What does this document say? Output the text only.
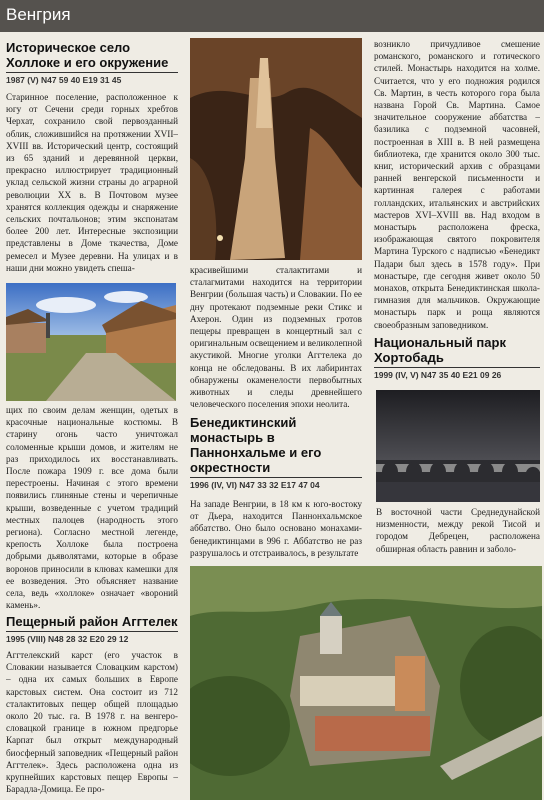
Венгрия
Историческое село Холлоке и его окружение
1987 (V) N47 59 40 E19 31 45

Старинное поселение, расположенное к югу от Сечени среди горных хребтов Черхат, сохранило свой первозданный облик, сложившийся на протяжении XVII–XVIII вв. Исторический центр, состоящий из 65 зданий и деревянной церкви, прекрасно иллюстрирует традиционный уклад сельской жизни страны до аграрной революции XX в. В Почтовом музее хранятся коллекция одежды и снаряжение сельских почтальонов; этим экспонатам более 200 лет. Интересные экспозиции представлены в Доме ткачества, Доме ремесел и Музее деревни. На улицах и в наши дни можно увидеть спеша-

щих по своим делам женщин, одетых в красочные национальные костюмы. В старину огонь часто уничтожал соломенные крыши домов, и жителям не раз приходилось их восстанавливать. После пожара 1909 г. все дома были перестроены. Начиная с этого времени появились глиняные стены и черепичные крыши, возведенные с учетом традиций местных палоцев (народность этого региона). Согласно местной легенде, крепость Холлоке была построена добрыми дьяволятами, которые в образе воронов приносили в клювах камешки для ее возведения. Это объясняет название села, ведь «холлоке» означает «вороний камень».

Пещерный район Аггтелек
1995 (VIII) N48 28 32 E20 29 12

Аггтелекский карст (его участок в Словакии называется Словацким карстом) – одна их самых больших в Европе карстовых систем. Она состоит из 712 сталактитовых пещер общей площадью около 20 тыс. га. В 1978 г. на венгеро-словацкой границе в южном предгорье Карпат был открыт международный биосферный заповедник «Пещерный район Аггтелек». Здесь расположена одна из крупнейших карстовых пещер Европы – Барадла-Домица. Ее про-

красивейшими сталактитами и сталагмитами находится на территории Венгрии (большая часть) и Словакии. По ее дну протекают подземные реки Стикс и Ахерон. Один из подземных гротов пещеры превращен в концертный зал с оригинальным освещением и великолепной акустикой. Многие уголки Аггтелека до конца не обследованы. В их лабиринтах обнаружены окаменелости первобытных животных и следы древнейшего человеческого поселения эпохи неолита.

Бенедиктинский монастырь в Паннонхальме и его окрестности
1996 (IV, VI) N47 33 32 E17 47 04

На западе Венгрии, в 18 км к юго-востоку от Дьера, находится Паннонхальмское аббатство. Оно было основано монахами-бенедиктинцами в 996 г. Аббатство не раз разрушалось и отстраивалось, в результате

возникло причудливое смешение романского, романского и готического стилей. Монастырь находится на холме. Считается, что у его подножия родился Св. Мартин, в честь которого гора была названа Горой Св. Мартина. Самое значительное сооружение аббатства – базилика с подземной часовней, построенная в XIII в. В ней размещена библиотека, где хранится около 300 тыс. книг, исторический архив с образцами ранней венгерской письменности и картинная галерея с работами голландских, итальянских и австрийских мастеров XVI–XVIII вв. Над входом в монастырь расположена фреска, изображающая святого покровителя Мартина Турского с надписью «Бенедикт Падари был здесь в 1578 году». При монастыре, где сегодня живет около 50 монахов, открыта Бенедиктинская школа-гимназия для мальчиков. Окружающие монастырь парк и роща являются своеобразным заповедником.

Национальный парк Хортобадь
1999 (IV, V) N47 35 40 E21 09 26

В восточной части Среднедунайской низменности, между рекой Тисой и городом Дебрецен, расположена обширная область равнин и заболо-
